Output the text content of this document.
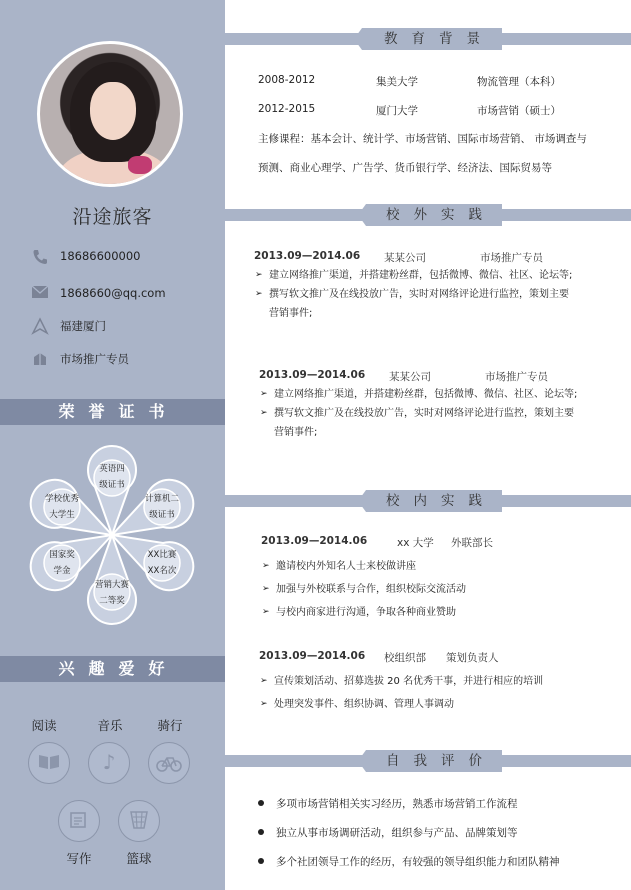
沿途旅客
18686600000
1868660@qq.com
福建厦门
市场推广专员
荣誉证书
英语四
级证书
计算机二
级证书
XX比赛
XX名次
营销大赛
二等奖
国家奖
学金
学校优秀
大学生
兴趣爱好
阅读	音乐	骑行
♪
写作	篮球
教育背景
2008-2012	集美大学	物流管理（本科）
2012-2015	厦门大学	市场营销（硕士）
主修课程：基本会计、统计学、市场营销、国际市场营销、 市场调查与
预测、商业心理学、广告学、货币银行学、经济法、国际贸易等
校外实践
2013.09—2014.06 某某公司	市场推广专员
➢ 建立网络推广渠道，并搭建粉丝群，包括微博、微信、社区、论坛等;
➢ 撰写软文推广及在线投放广告，实时对网络评论进行监控，策划主要
营销事件;
2013.09—2014.06 某某公司	市场推广专员
➢ 建立网络推广渠道，并搭建粉丝群，包括微博、微信、社区、论坛等;
➢ 撰写软文推广及在线投放广告，实时对网络评论进行监控，策划主要
营销事件;
校内实践
2013.09—2014.06	xx 大学 外联部长
➢ 邀请校内外知名人士来校做讲座
➢ 加强与外校联系与合作，组织校际交流活动
➢ 与校内商家进行沟通，争取各种商业赞助
2013.09—2014.06 校组织部 策划负责人
➢ 宣传策划活动、招募选拔 20 名优秀干事，并进行相应的培训
➢ 处理突发事件、组织协调、管理人事调动
自我评价
多项市场营销相关实习经历，熟悉市场营销工作流程
独立从事市场调研活动，组织参与产品、品牌策划等
多个社团领导工作的经历，有较强的领导组织能力和团队精神
